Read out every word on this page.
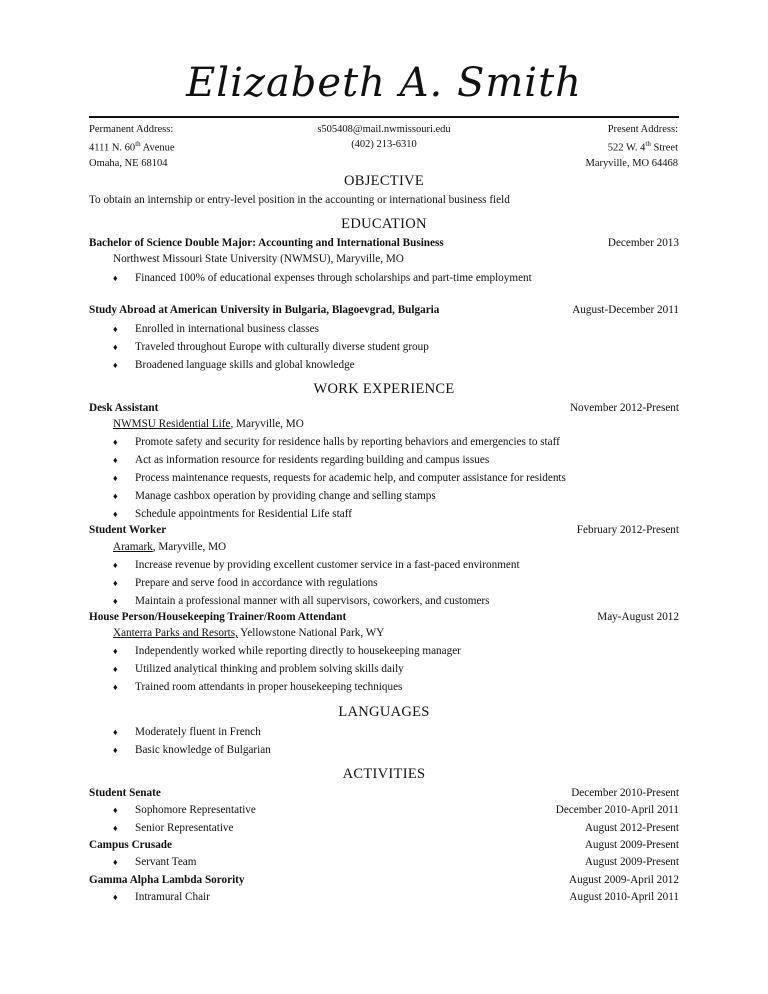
Elizabeth A. Smith
Permanent Address:
4111 N. 60th Avenue
Omaha, NE 68104
s505408@mail.nwmissouri.edu
(402) 213-6310
Present Address:
522 W. 4th Street
Maryville, MO 64468
OBJECTIVE
To obtain an internship or entry-level position in the accounting or international business field
EDUCATION
Bachelor of Science Double Major: Accounting and International Business	December 2013
Northwest Missouri State University (NWMSU), Maryville, MO
♦ Financed 100% of educational expenses through scholarships and part-time employment
Study Abroad at American University in Bulgaria, Blagoevgrad, Bulgaria	August-December 2011
♦ Enrolled in international business classes
♦ Traveled throughout Europe with culturally diverse student group
♦ Broadened language skills and global knowledge
WORK EXPERIENCE
Desk Assistant	November 2012-Present
NWMSU Residential Life, Maryville, MO
♦ Promote safety and security for residence halls by reporting behaviors and emergencies to staff
♦ Act as information resource for residents regarding building and campus issues
♦ Process maintenance requests, requests for academic help, and computer assistance for residents
♦ Manage cashbox operation by providing change and selling stamps
♦ Schedule appointments for Residential Life staff
Student Worker	February 2012-Present
Aramark, Maryville, MO
♦ Increase revenue by providing excellent customer service in a fast-paced environment
♦ Prepare and serve food in accordance with regulations
♦ Maintain a professional manner with all supervisors, coworkers, and customers
House Person/Housekeeping Trainer/Room Attendant	May-August 2012
Xanterra Parks and Resorts, Yellowstone National Park, WY
♦ Independently worked while reporting directly to housekeeping manager
♦ Utilized analytical thinking and problem solving skills daily
♦ Trained room attendants in proper housekeeping techniques
LANGUAGES
♦ Moderately fluent in French
♦ Basic knowledge of Bulgarian
ACTIVITIES
Student Senate	December 2010-Present
♦ Sophomore Representative	December 2010-April 2011
♦ Senior Representative	August 2012-Present
Campus Crusade	August 2009-Present
♦ Servant Team	August 2009-Present
Gamma Alpha Lambda Sorority	August 2009-April 2012
♦ Intramural Chair	August 2010-April 2011
